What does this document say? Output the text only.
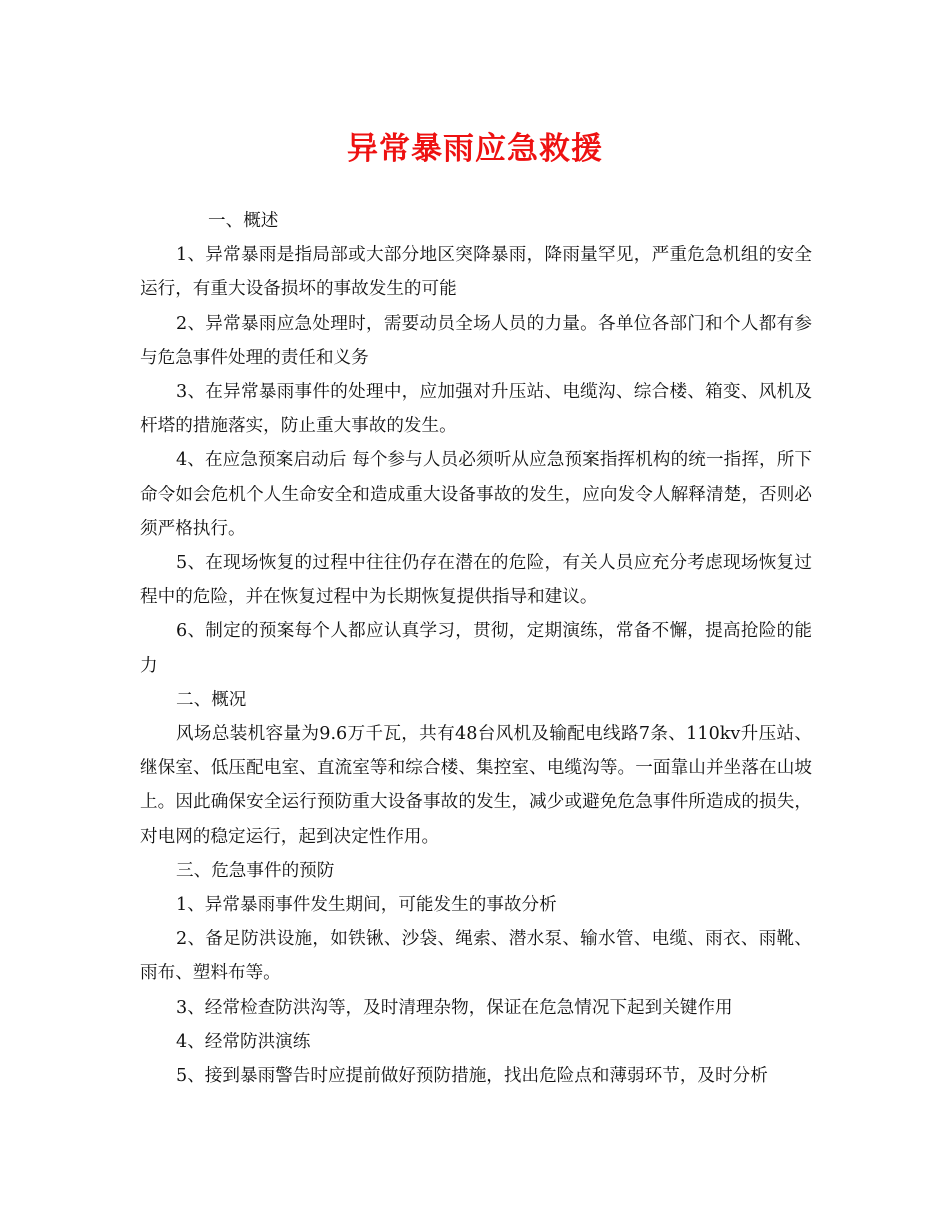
异常暴雨应急救援

一、概述

1、异常暴雨是指局部或大部分地区突降暴雨，降雨量罕见，严重危急机组的安全运行，有重大设备损坏的事故发生的可能

2、异常暴雨应急处理时，需要动员全场人员的力量。各单位各部门和个人都有参与危急事件处理的责任和义务

3、在异常暴雨事件的处理中，应加强对升压站、电缆沟、综合楼、箱变、风机及杆塔的措施落实，防止重大事故的发生。

4、在应急预案启动后 每个参与人员必须听从应急预案指挥机构的统一指挥，所下命令如会危机个人生命安全和造成重大设备事故的发生，应向发令人解释清楚，否则必须严格执行。

5、在现场恢复的过程中往往仍存在潜在的危险，有关人员应充分考虑现场恢复过程中的危险，并在恢复过程中为长期恢复提供指导和建议。

6、制定的预案每个人都应认真学习，贯彻，定期演练，常备不懈，提高抢险的能力

二、概况

风场总装机容量为9.6万千瓦，共有48台风机及输配电线路7条、110kv升压站、继保室、低压配电室、直流室等和综合楼、集控室、电缆沟等。一面靠山并坐落在山坡上。因此确保安全运行预防重大设备事故的发生，减少或避免危急事件所造成的损失，对电网的稳定运行，起到决定性作用。

三、危急事件的预防

1、异常暴雨事件发生期间，可能发生的事故分析

2、备足防洪设施，如铁锹、沙袋、绳索、潜水泵、输水管、电缆、雨衣、雨靴、雨布、塑料布等。

3、经常检查防洪沟等，及时清理杂物，保证在危急情况下起到关键作用

4、经常防洪演练

5、接到暴雨警告时应提前做好预防措施，找出危险点和薄弱环节，及时分析
